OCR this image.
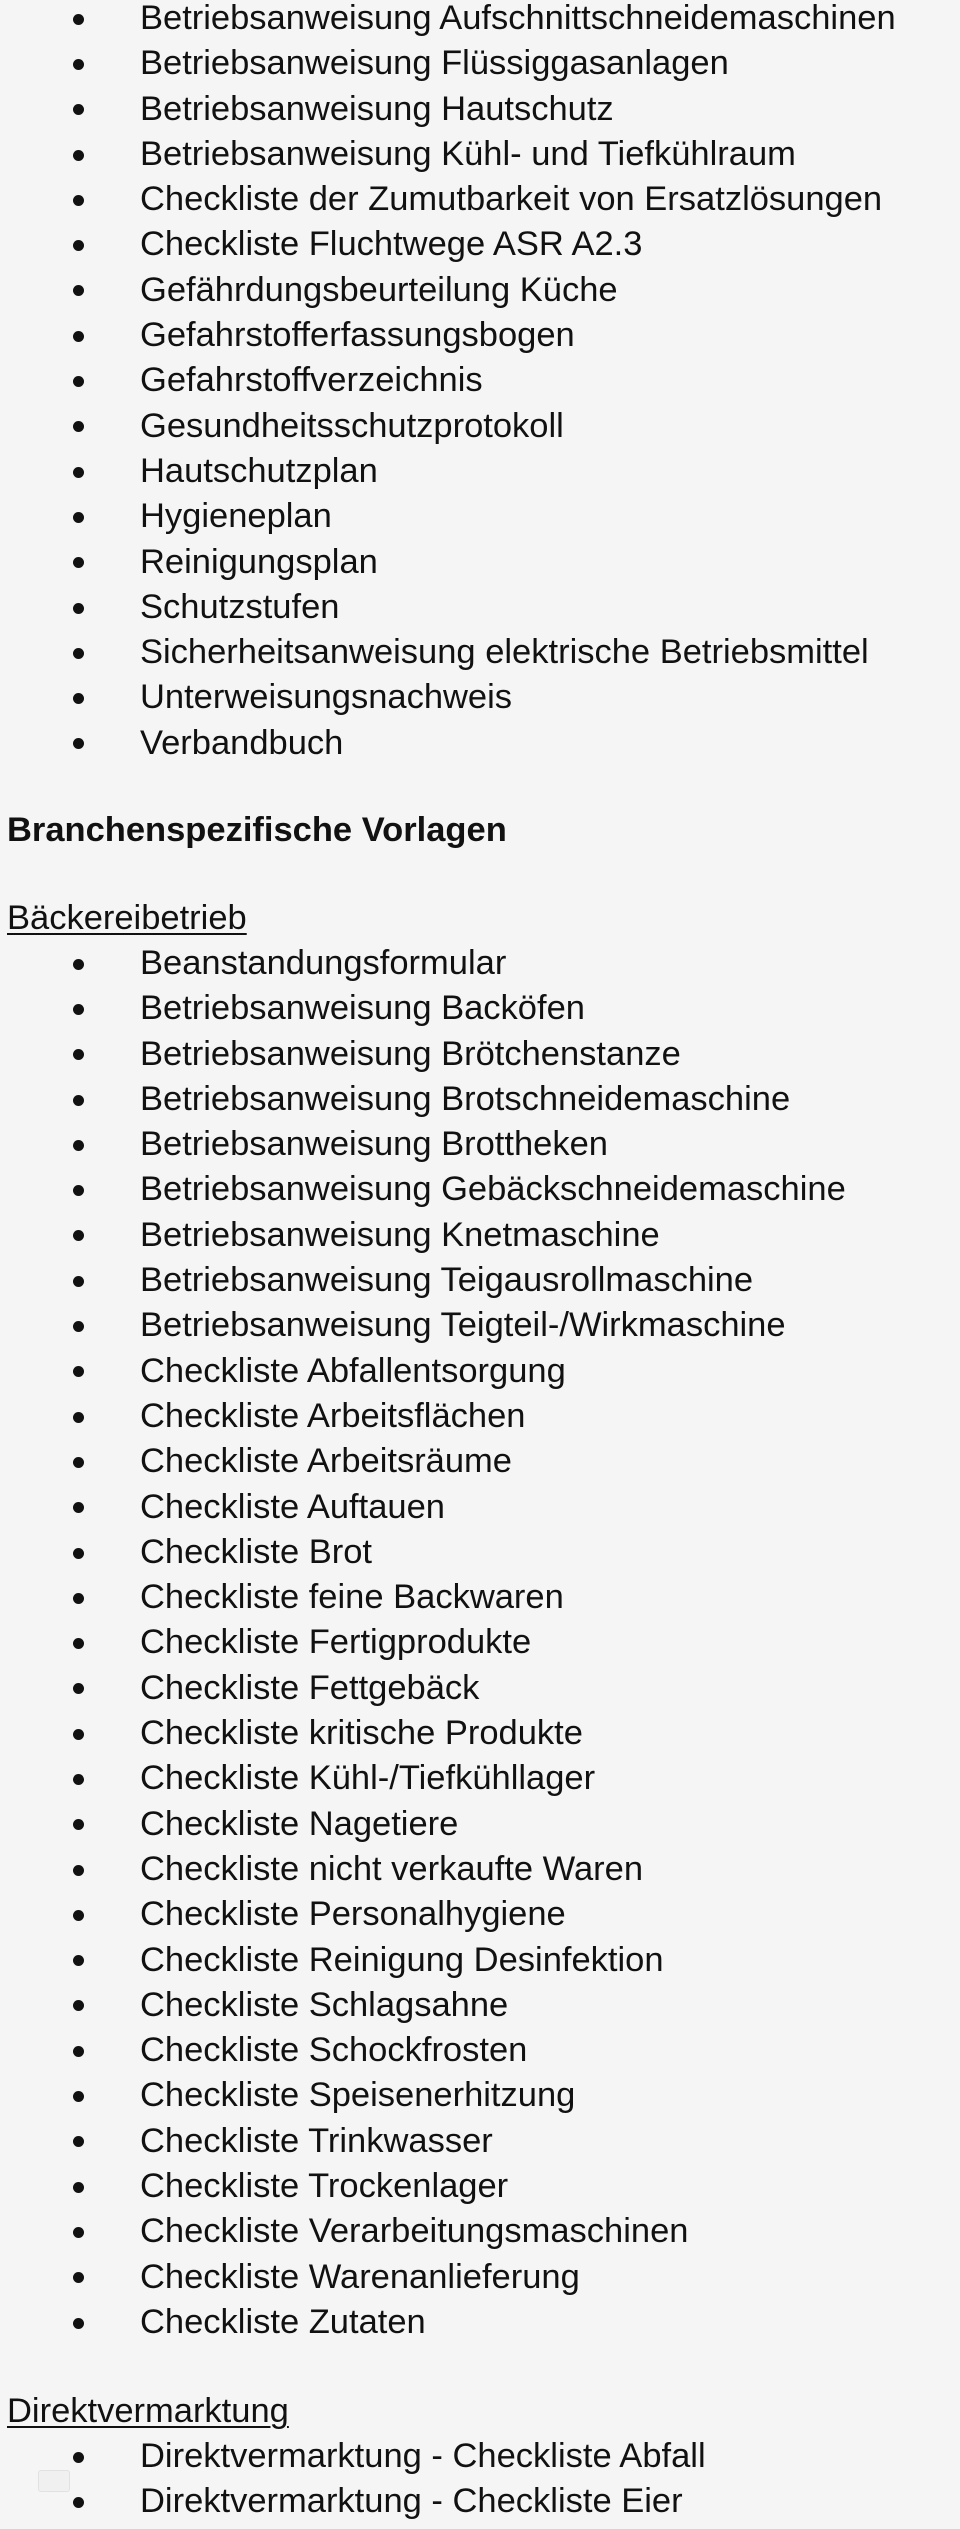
Betriebsanweisung Aufschnittschneidemaschinen
Betriebsanweisung Flüssiggasanlagen
Betriebsanweisung Hautschutz
Betriebsanweisung Kühl- und Tiefkühlraum
Checkliste der Zumutbarkeit von Ersatzlösungen
Checkliste Fluchtwege ASR A2.3
Gefährdungsbeurteilung Küche
Gefahrstofferfassungsbogen
Gefahrstoffverzeichnis
Gesundheitsschutzprotokoll
Hautschutzplan
Hygieneplan
Reinigungsplan
Schutzstufen
Sicherheitsanweisung elektrische Betriebsmittel
Unterweisungsnachweis
Verbandbuch
Branchenspezifische Vorlagen
Bäckereibetrieb
Beanstandungsformular
Betriebsanweisung Backöfen
Betriebsanweisung Brötchenstanze
Betriebsanweisung Brotschneidemaschine
Betriebsanweisung Brottheken
Betriebsanweisung Gebäckschneidemaschine
Betriebsanweisung Knetmaschine
Betriebsanweisung Teigausrollmaschine
Betriebsanweisung Teigteil-/Wirkmaschine
Checkliste Abfallentsorgung
Checkliste Arbeitsflächen
Checkliste Arbeitsräume
Checkliste Auftauen
Checkliste Brot
Checkliste feine Backwaren
Checkliste Fertigprodukte
Checkliste Fettgebäck
Checkliste kritische Produkte
Checkliste Kühl-/Tiefkühllager
Checkliste Nagetiere
Checkliste nicht verkaufte Waren
Checkliste Personalhygiene
Checkliste Reinigung Desinfektion
Checkliste Schlagsahne
Checkliste Schockfrosten
Checkliste Speisenerhitzung
Checkliste Trinkwasser
Checkliste Trockenlager
Checkliste Verarbeitungsmaschinen
Checkliste Warenanlieferung
Checkliste Zutaten
Direktvermarktung
Direktvermarktung - Checkliste Abfall
Direktvermarktung - Checkliste Eier
